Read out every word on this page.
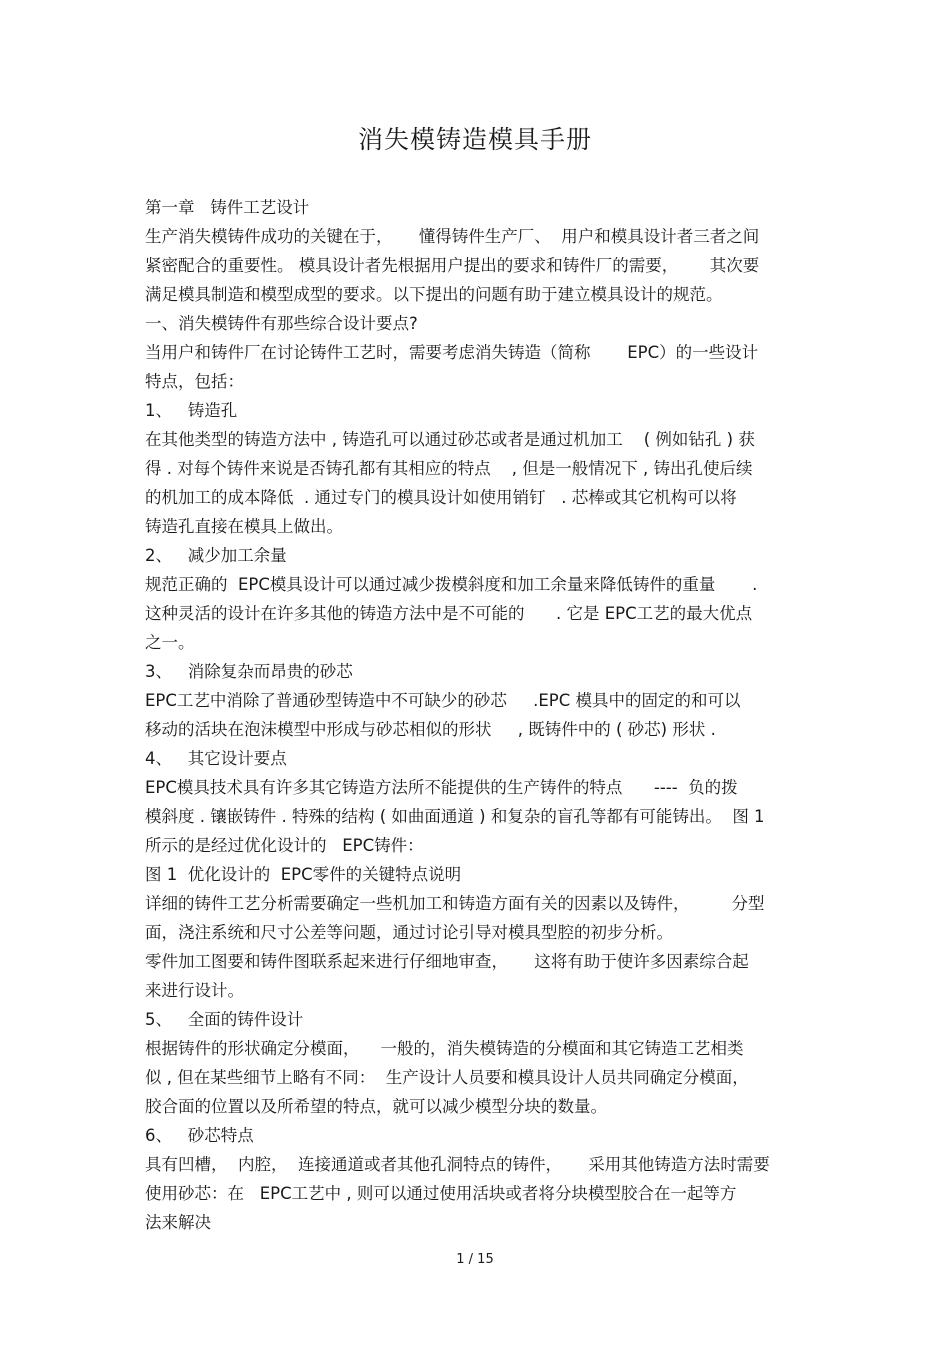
消失模铸造模具手册
第一章   铸件工艺设计
生产消失模铸件成功的关键在于，     懂得铸件生产厂、  用户和模具设计者三者之间
紧密配合的重要性。 模具设计者先根据用户提出的要求和铸件厂的需要，      其次要
满足模具制造和模型成型的要求。以下提出的问题有助于建立模具设计的规范。
一、消失模铸件有那些综合设计要点?
当用户和铸件厂在讨论铸件工艺时，需要考虑消失铸造（简称       EPC）的一些设计
特点，包括：
1、   铸造孔
在其他类型的铸造方法中 , 铸造孔可以通过砂芯或者是通过机加工    ( 例如钻孔 ) 获
得 . 对每个铸件来说是否铸孔都有其相应的特点    , 但是一般情况下 , 铸出孔使后续
的机加工的成本降低  . 通过专门的模具设计如使用销钉   . 芯棒或其它机构可以将
铸造孔直接在模具上做出。
2、   减少加工余量
规范正确的  EPC模具设计可以通过减少拨模斜度和加工余量来降低铸件的重量       .
这种灵活的设计在许多其他的铸造方法中是不可能的      . 它是 EPC工艺的最大优点
之一。
3、   消除复杂而昂贵的砂芯
EPC工艺中消除了普通砂型铸造中不可缺少的砂芯     .EPC 模具中的固定的和可以
移动的活块在泡沫模型中形成与砂芯相似的形状     , 既铸件中的 ( 砂芯) 形状 .
4、   其它设计要点
EPC模具技术具有许多其它铸造方法所不能提供的生产铸件的特点      ----  负的拨
模斜度 . 镶嵌铸件 . 特殊的结构 ( 如曲面通道 ) 和复杂的盲孔等都有可能铸出。  图 1
所示的是经过优化设计的   EPC铸件：
图 1  优化设计的  EPC零件的关键特点说明
详细的铸件工艺分析需要确定一些机加工和铸造方面有关的因素以及铸件，        分型
面，浇注系统和尺寸公差等问题，通过讨论引导对模具型腔的初步分析。
零件加工图要和铸件图联系起来进行仔细地审查，     这将有助于使许多因素综合起
来进行设计。
5、   全面的铸件设计
根据铸件的形状确定分模面，    一般的，消失模铸造的分模面和其它铸造工艺相类
似 , 但在某些细节上略有不同：  生产设计人员要和模具设计人员共同确定分模面，
胶合面的位置以及所希望的特点，就可以减少模型分块的数量。
6、   砂芯特点
具有凹槽，  内腔，  连接通道或者其他孔洞特点的铸件，     采用其他铸造方法时需要
使用砂芯：在   EPC工艺中 , 则可以通过使用活块或者将分块模型胶合在一起等方
法来解决
1 / 15
